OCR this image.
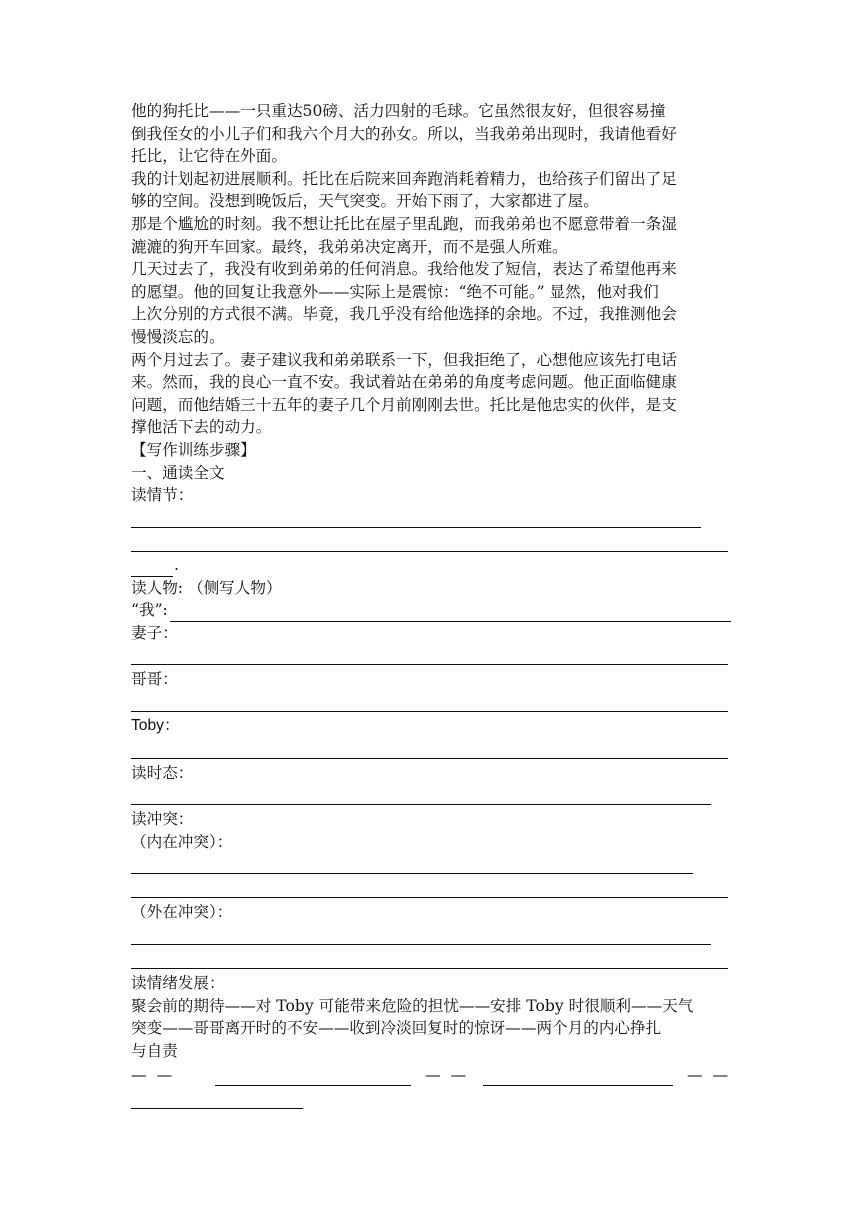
他的狗托比——一只重达50磅、活力四射的毛球。它虽然很友好，但很容易撞
倒我侄女的小儿子们和我六个月大的孙女。所以，当我弟弟出现时，我请他看好
托比，让它待在外面。
我的计划起初进展顺利。托比在后院来回奔跑消耗着精力，也给孩子们留出了足
够的空间。没想到晚饭后，天气突变。开始下雨了，大家都进了屋。
那是个尴尬的时刻。我不想让托比在屋子里乱跑，而我弟弟也不愿意带着一条湿
漉漉的狗开车回家。最终，我弟弟决定离开，而不是强人所难。
几天过去了，我没有收到弟弟的任何消息。我给他发了短信，表达了希望他再来
的愿望。他的回复让我意外——实际上是震惊：“绝不可能。” 显然，他对我们
上次分别的方式很不满。毕竟，我几乎没有给他选择的余地。不过，我推测他会
慢慢淡忘的。
两个月过去了。妻子建议我和弟弟联系一下，但我拒绝了，心想他应该先打电话
来。然而，我的良心一直不安。我试着站在弟弟的角度考虑问题。他正面临健康
问题，而他结婚三十五年的妻子几个月前刚刚去世。托比是他忠实的伙伴，是支
撑他活下去的动力。
【写作训练步骤】
一、通读全文
读情节：
.
读人物: （侧写人物）
“我”:
妻子：
哥哥：
Toby：
读时态：
读冲突：
（内在冲突）：
（外在冲突）：
读情绪发展：
聚会前的期待——对 Toby 可能带来危险的担忧——安排 Toby 时很顺利——天气
突变——哥哥离开时的不安——收到冷淡回复时的惊讶——两个月的内心挣扎
与自责
——	——	——
